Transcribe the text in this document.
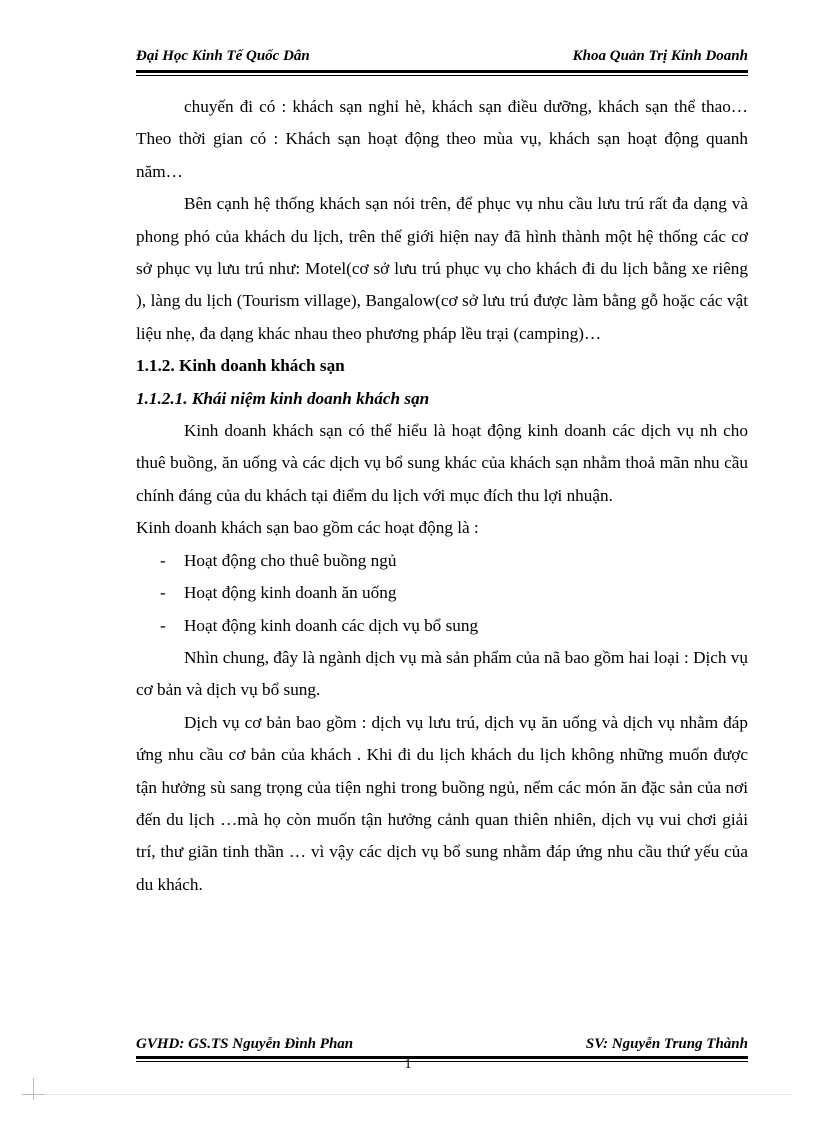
Đại Học Kinh Tế Quốc Dân	Khoa Quản Trị Kinh Doanh

chuyến đi có : khách sạn nghỉ hè, khách sạn điều dưỡng, khách sạn thể thao… Theo thời gian có : Khách sạn hoạt động theo mùa vụ, khách sạn hoạt động quanh năm…

Bên cạnh hệ thống khách sạn nói trên, để phục vụ nhu cầu lưu trú rất đa dạng và phong phó của khách du lịch, trên thế giới hiện nay đã hình thành một hệ thống các cơ sở phục vụ lưu trú như: Motel(cơ sở lưu trú phục vụ cho khách đi du lịch bằng xe riêng ), làng du lịch (Tourism village), Bangalow(cơ sở lưu trú được làm bằng gỗ hoặc các vật liệu nhẹ, đa dạng khác nhau theo phương pháp lều trại (camping)…

1.1.2. Kinh doanh khách sạn

1.1.2.1. Khái niệm kinh doanh khách sạn

Kinh doanh khách sạn có thể hiểu là hoạt động kinh doanh các dịch vụ nh cho thuê buồng, ăn uống và các dịch vụ bổ sung khác của khách sạn nhằm thoả mãn nhu cầu chính đáng của du khách tại điểm du lịch với mục đích thu lợi nhuận.

Kinh doanh khách sạn bao gồm các hoạt động là :

- Hoạt động cho thuê buồng ngủ
- Hoạt động kinh doanh ăn uống
- Hoạt động kinh doanh các dịch vụ bổ sung

Nhìn chung, đây là ngành dịch vụ mà sản phẩm của nã bao gồm hai loại : Dịch vụ cơ bản và dịch vụ bổ sung.

Dịch vụ cơ bản bao gồm : dịch vụ lưu trú, dịch vụ ăn uống và dịch vụ nhằm đáp ứng nhu cầu cơ bản của khách . Khi đi du lịch khách du lịch không những muốn được tận hưởng sù sang trọng của tiện nghi trong buồng ngủ, nếm các món ăn đặc sản của nơi đến du lịch …mà họ còn muốn tận hưởng cảnh quan thiên nhiên, dịch vụ vui chơi giải trí, thư giãn tinh thần … vì vậy các dịch vụ bổ sung nhằm đáp ứng nhu cầu thứ yếu của du khách.

GVHD: GS.TS Nguyễn Đình Phan	SV: Nguyễn Trung Thành
1
